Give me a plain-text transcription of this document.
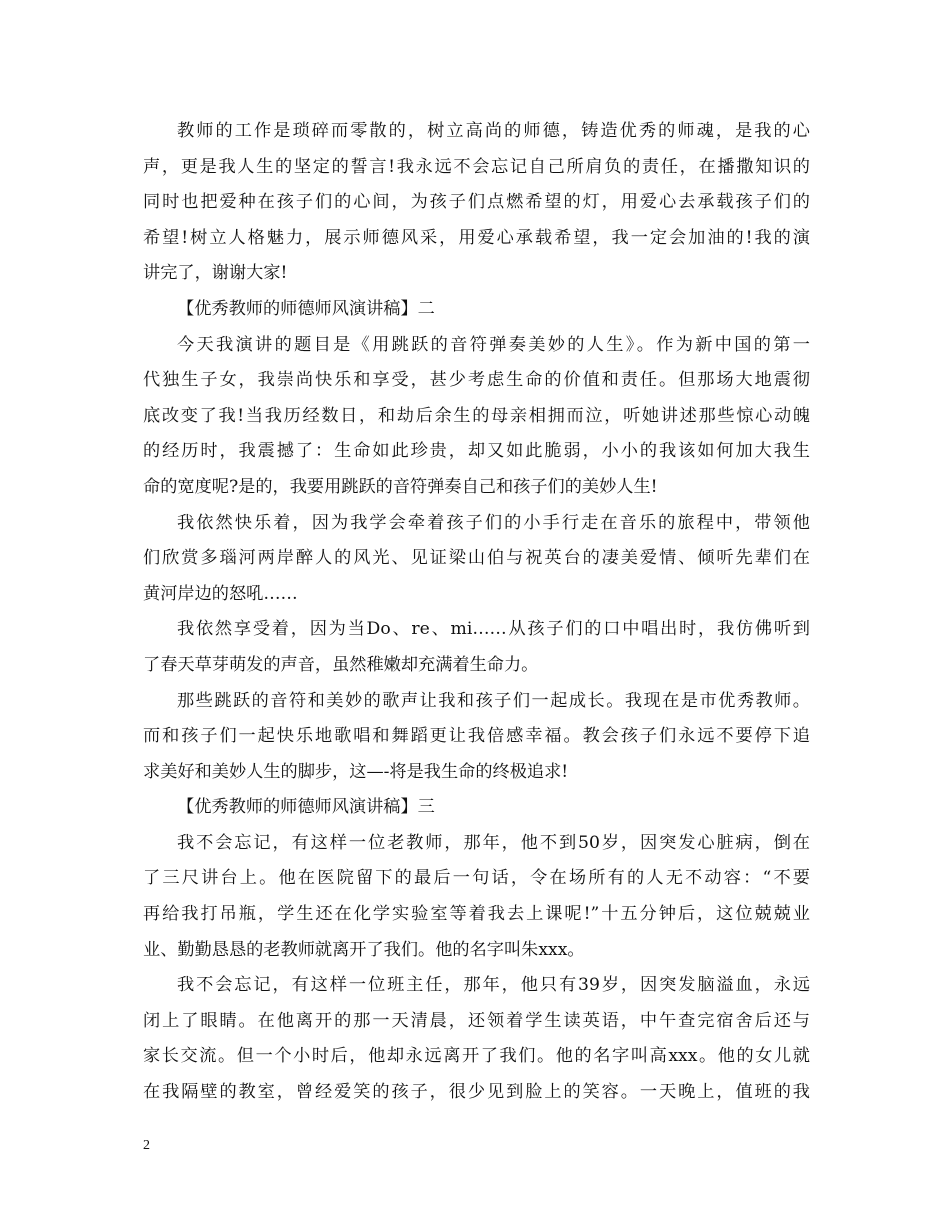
教师的工作是琐碎而零散的，树立高尚的师德，铸造优秀的师魂，是我的心
声，更是我人生的坚定的誓言!我永远不会忘记自己所肩负的责任，在播撒知识的
同时也把爱种在孩子们的心间，为孩子们点燃希望的灯，用爱心去承载孩子们的
希望!树立人格魅力，展示师德风采，用爱心承载希望，我一定会加油的!我的演
讲完了，谢谢大家!
【优秀教师的师德师风演讲稿】二
今天我演讲的题目是《用跳跃的音符弹奏美妙的人生》。作为新中国的第一
代独生子女，我崇尚快乐和享受，甚少考虑生命的价值和责任。但那场大地震彻
底改变了我!当我历经数日，和劫后余生的母亲相拥而泣，听她讲述那些惊心动魄
的经历时，我震撼了：生命如此珍贵，却又如此脆弱，小小的我该如何加大我生
命的宽度呢?是的，我要用跳跃的音符弹奏自己和孩子们的美妙人生!
我依然快乐着，因为我学会牵着孩子们的小手行走在音乐的旅程中，带领他
们欣赏多瑙河两岸醉人的风光、见证梁山伯与祝英台的凄美爱情、倾听先辈们在
黄河岸边的怒吼……
我依然享受着，因为当Do、re、mi……从孩子们的口中唱出时，我仿佛听到
了春天草芽萌发的声音，虽然稚嫩却充满着生命力。
那些跳跃的音符和美妙的歌声让我和孩子们一起成长。我现在是市优秀教师。
而和孩子们一起快乐地歌唱和舞蹈更让我倍感幸福。教会孩子们永远不要停下追
求美好和美妙人生的脚步，这—-将是我生命的终极追求!
【优秀教师的师德师风演讲稿】三
我不会忘记，有这样一位老教师，那年，他不到50岁，因突发心脏病，倒在
了三尺讲台上。他在医院留下的最后一句话，令在场所有的人无不动容：“不要
再给我打吊瓶，学生还在化学实验室等着我去上课呢!”十五分钟后，这位兢兢业
业、勤勤恳恳的老教师就离开了我们。他的名字叫朱xxx。
我不会忘记，有这样一位班主任，那年，他只有39岁，因突发脑溢血，永远
闭上了眼睛。在他离开的那一天清晨，还领着学生读英语，中午查完宿舍后还与
家长交流。但一个小时后，他却永远离开了我们。他的名字叫高xxx。他的女儿就
在我隔壁的教室，曾经爱笑的孩子，很少见到脸上的笑容。一天晚上，值班的我
2
